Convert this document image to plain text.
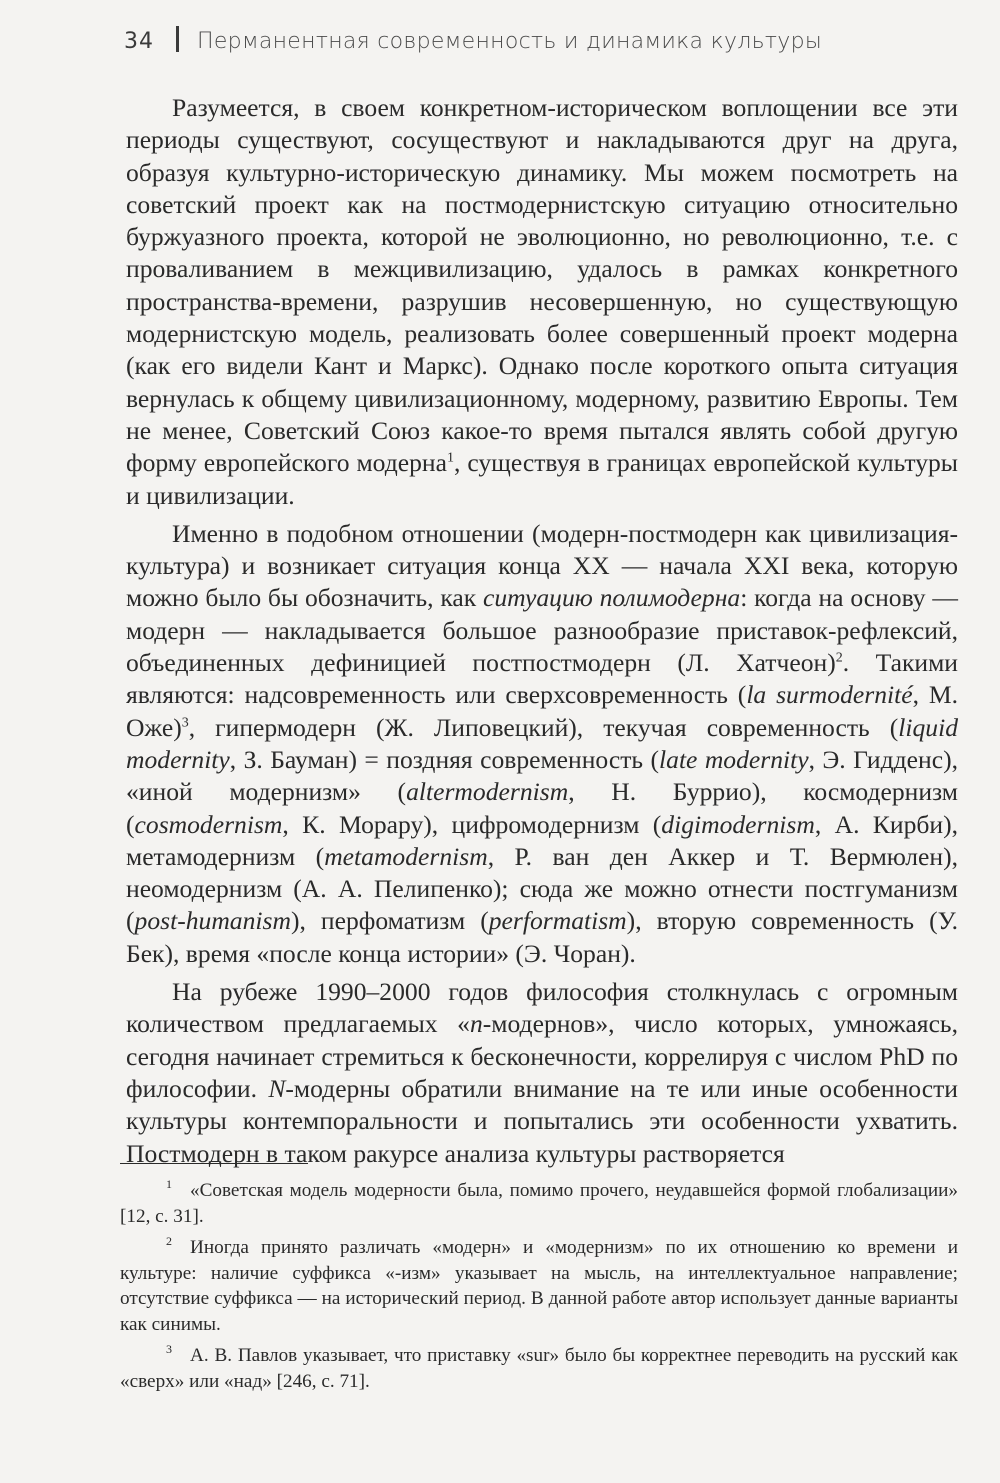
34 Перманентная современность и динамика культуры

Разумеется, в своем конкретном-историческом воплощении все эти периоды существуют, сосуществуют и накладываются друг на друга, образуя культурно-историческую динамику. Мы можем посмотреть на советский проект как на постмодернистскую ситуацию относительно буржуазного проекта, которой не эволюционно, но революционно, т.е. с проваливанием в межцивилизацию, удалось в рамках конкретного пространства-времени, разрушив несовершенную, но существующую модернистскую модель, реализовать более совершенный проект модерна (как его видели Кант и Маркс). Однако после короткого опыта ситуация вернулась к общему цивилизационному, модерному, развитию Европы. Тем не менее, Советский Союз какое-то время пытался являть собой другую форму европейского модерна$^1$, существуя в границах европейской культуры и цивилизации.

Именно в подобном отношении (модерн-постмодерн как цивилизация-культура) и возникает ситуация конца XX — начала XXI века, которую можно было бы обозначить, как ситуацию полимодерна: когда на основу — модерн — накладывается большое разнообразие приставок-рефлексий, объединенных дефиницией постпостмодерн (Л. Хатчеон)$^2$. Такими являются: надсовременность или сверхсовременность (la surmodernité, М. Оже)$^3$, гипермодерн (Ж. Липовецкий), текучая современность (liquid modernity, З. Бауман) = поздняя современность (late modernity, Э. Гидденс), «иной модернизм» (altermodernism, Н. Буррио), космодернизм (cosmodernism, К. Морару), цифромодернизм (digimodernism, А. Кирби), метамодернизм (metamodernism, Р. ван ден Аккер и Т. Вермюлен), неомодернизм (А. А. Пелипенко); сюда же можно отнести постгуманизм (post-humanism), перфоматизм (performatism), вторую современность (У. Бек), время «после конца истории» (Э. Чоран).

На рубеже 1990–2000 годов философия столкнулась с огромным количеством предлагаемых «n-модернов», число которых, умножаясь, сегодня начинает стремиться к бесконечности, коррелируя с числом PhD по философии. N-модерны обратили внимание на те или иные особенности культуры контемпоральности и попытались эти особенности ухватить. Постмодерн в таком ракурсе анализа культуры растворяется

$^1$ «Советская модель модерности была, помимо прочего, неудавшейся формой глобализации» [12, с. 31].

$^2$ Иногда принято различать «модерн» и «модернизм» по их отношению ко времени и культуре: наличие суффикса «-изм» указывает на мысль, на интеллектуальное направление; отсутствие суффикса — на исторический период. В данной работе автор использует данные варианты как синимы.

$^3$ А. В. Павлов указывает, что приставку «sur» было бы корректнее переводить на русский как «сверх» или «над» [246, с. 71].
